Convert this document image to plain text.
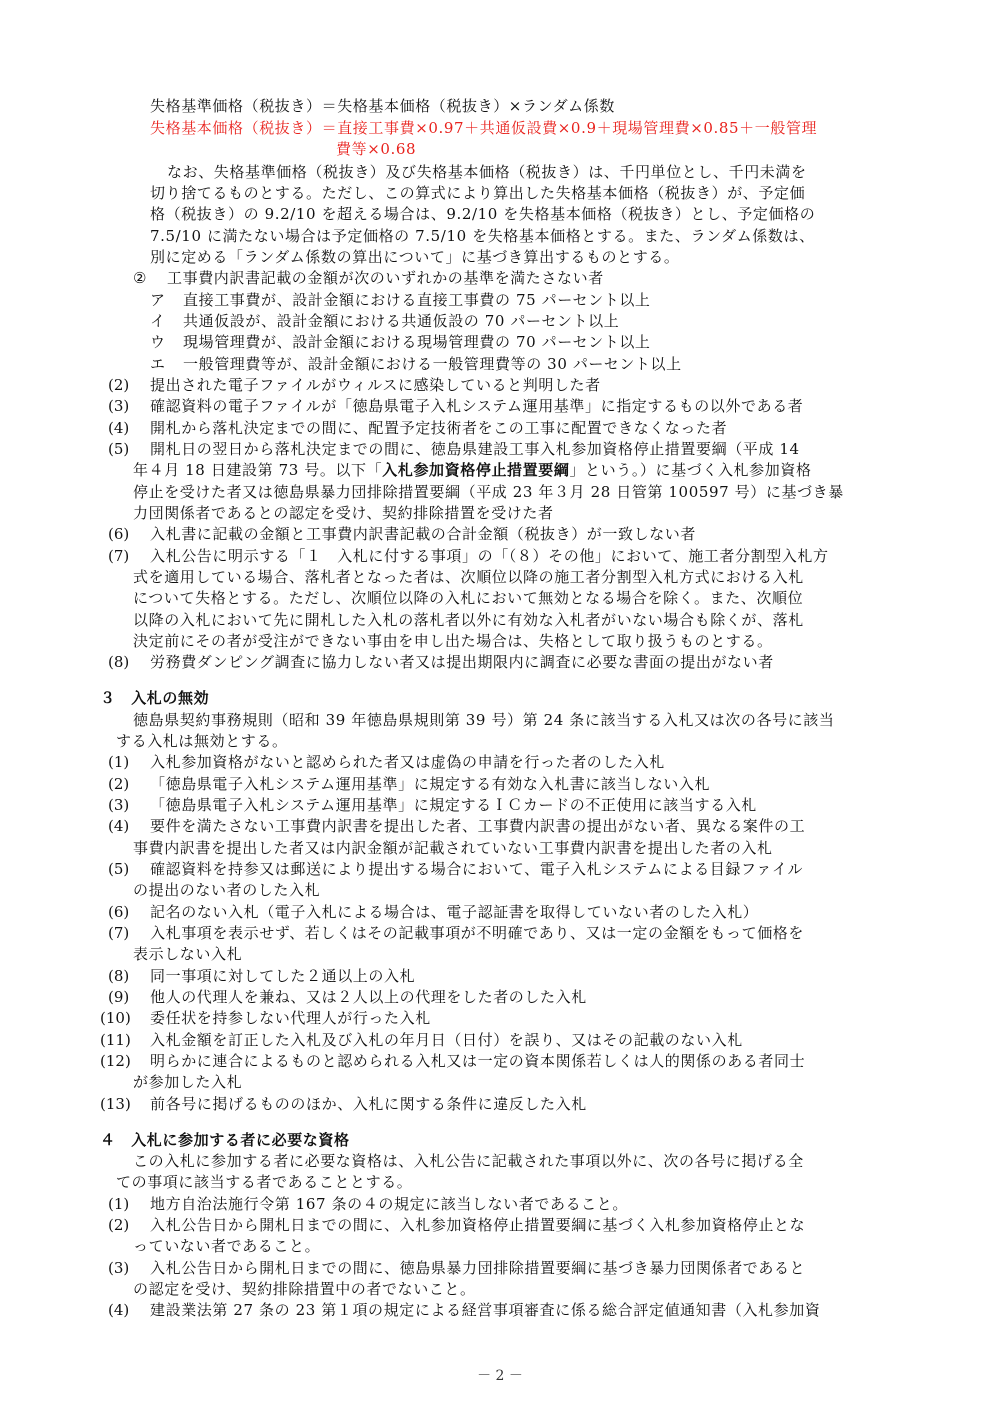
失格基準価格（税抜き）＝失格基本価格（税抜き）×ランダム係数
失格基本価格（税抜き）＝直接工事費×0.97＋共通仮設費×0.9＋現場管理費×0.85＋一般管理
費等×0.68
なお、失格基準価格（税抜き）及び失格基本価格（税抜き）は、千円単位とし、千円未満を
切り捨てるものとする。ただし、この算式により算出した失格基本価格（税抜き）が、予定価
格（税抜き）の 9.2/10 を超える場合は、9.2/10 を失格基本価格（税抜き）とし、予定価格の
7.5/10 に満たない場合は予定価格の 7.5/10 を失格基本価格とする。また、ランダム係数は、
別に定める「ランダム係数の算出について」に基づき算出するものとする。
② 工事費内訳書記載の金額が次のいずれかの基準を満たさない者
ア 直接工事費が、設計金額における直接工事費の 75 パーセント以上
イ 共通仮設が、設計金額における共通仮設の 70 パーセント以上
ウ 現場管理費が、設計金額における現場管理費の 70 パーセント以上
エ 一般管理費等が、設計金額における一般管理費等の 30 パーセント以上
(2) 提出された電子ファイルがウィルスに感染していると判明した者
(3) 確認資料の電子ファイルが「徳島県電子入札システム運用基準」に指定するもの以外である者
(4) 開札から落札決定までの間に、配置予定技術者をこの工事に配置できなくなった者
(5) 開札日の翌日から落札決定までの間に、徳島県建設工事入札参加資格停止措置要綱（平成 14
年４月 18 日建設第 73 号。以下「入札参加資格停止措置要綱」という。）に基づく入札参加資格
停止を受けた者又は徳島県暴力団排除措置要綱（平成 23 年３月 28 日管第 100597 号）に基づき暴
力団関係者であるとの認定を受け、契約排除措置を受けた者
(6) 入札書に記載の金額と工事費内訳書記載の合計金額（税抜き）が一致しない者
(7) 入札公告に明示する「１　入札に付する事項」の「（８）その他」において、施工者分割型入札方
式を適用している場合、落札者となった者は、次順位以降の施工者分割型入札方式における入札
について失格とする。ただし、次順位以降の入札において無効となる場合を除く。また、次順位
以降の入札において先に開札した入札の落札者以外に有効な入札者がいない場合も除くが、落札
決定前にその者が受注ができない事由を申し出た場合は、失格として取り扱うものとする。
(8) 労務費ダンピング調査に協力しない者又は提出期限内に調査に必要な書面の提出がない者
３　入札の無効
徳島県契約事務規則（昭和 39 年徳島県規則第 39 号）第 24 条に該当する入札又は次の各号に該当
する入札は無効とする。
(1) 入札参加資格がないと認められた者又は虚偽の申請を行った者のした入札
(2) 「徳島県電子入札システム運用基準」に規定する有効な入札書に該当しない入札
(3) 「徳島県電子入札システム運用基準」に規定するＩＣカードの不正使用に該当する入札
(4) 要件を満たさない工事費内訳書を提出した者、工事費内訳書の提出がない者、異なる案件の工
事費内訳書を提出した者又は内訳金額が記載されていない工事費内訳書を提出した者の入札
(5) 確認資料を持参又は郵送により提出する場合において、電子入札システムによる目録ファイル
の提出のない者のした入札
(6) 記名のない入札（電子入札による場合は、電子認証書を取得していない者のした入札）
(7) 入札事項を表示せず、若しくはその記載事項が不明確であり、又は一定の金額をもって価格を
表示しない入札
(8) 同一事項に対してした２通以上の入札
(9) 他人の代理人を兼ね、又は２人以上の代理をした者のした入札
(10) 委任状を持参しない代理人が行った入札
(11) 入札金額を訂正した入札及び入札の年月日（日付）を誤り、又はその記載のない入札
(12) 明らかに連合によるものと認められる入札又は一定の資本関係若しくは人的関係のある者同士
が参加した入札
(13) 前各号に掲げるもののほか、入札に関する条件に違反した入札
４　入札に参加する者に必要な資格
この入札に参加する者に必要な資格は、入札公告に記載された事項以外に、次の各号に掲げる全
ての事項に該当する者であることとする。
(1) 地方自治法施行令第 167 条の４の規定に該当しない者であること。
(2) 入札公告日から開札日までの間に、入札参加資格停止措置要綱に基づく入札参加資格停止とな
っていない者であること。
(3) 入札公告日から開札日までの間に、徳島県暴力団排除措置要綱に基づき暴力団関係者であると
の認定を受け、契約排除措置中の者でないこと。
(4) 建設業法第 27 条の 23 第１項の規定による経営事項審査に係る総合評定値通知書（入札参加資
－ 2 －
